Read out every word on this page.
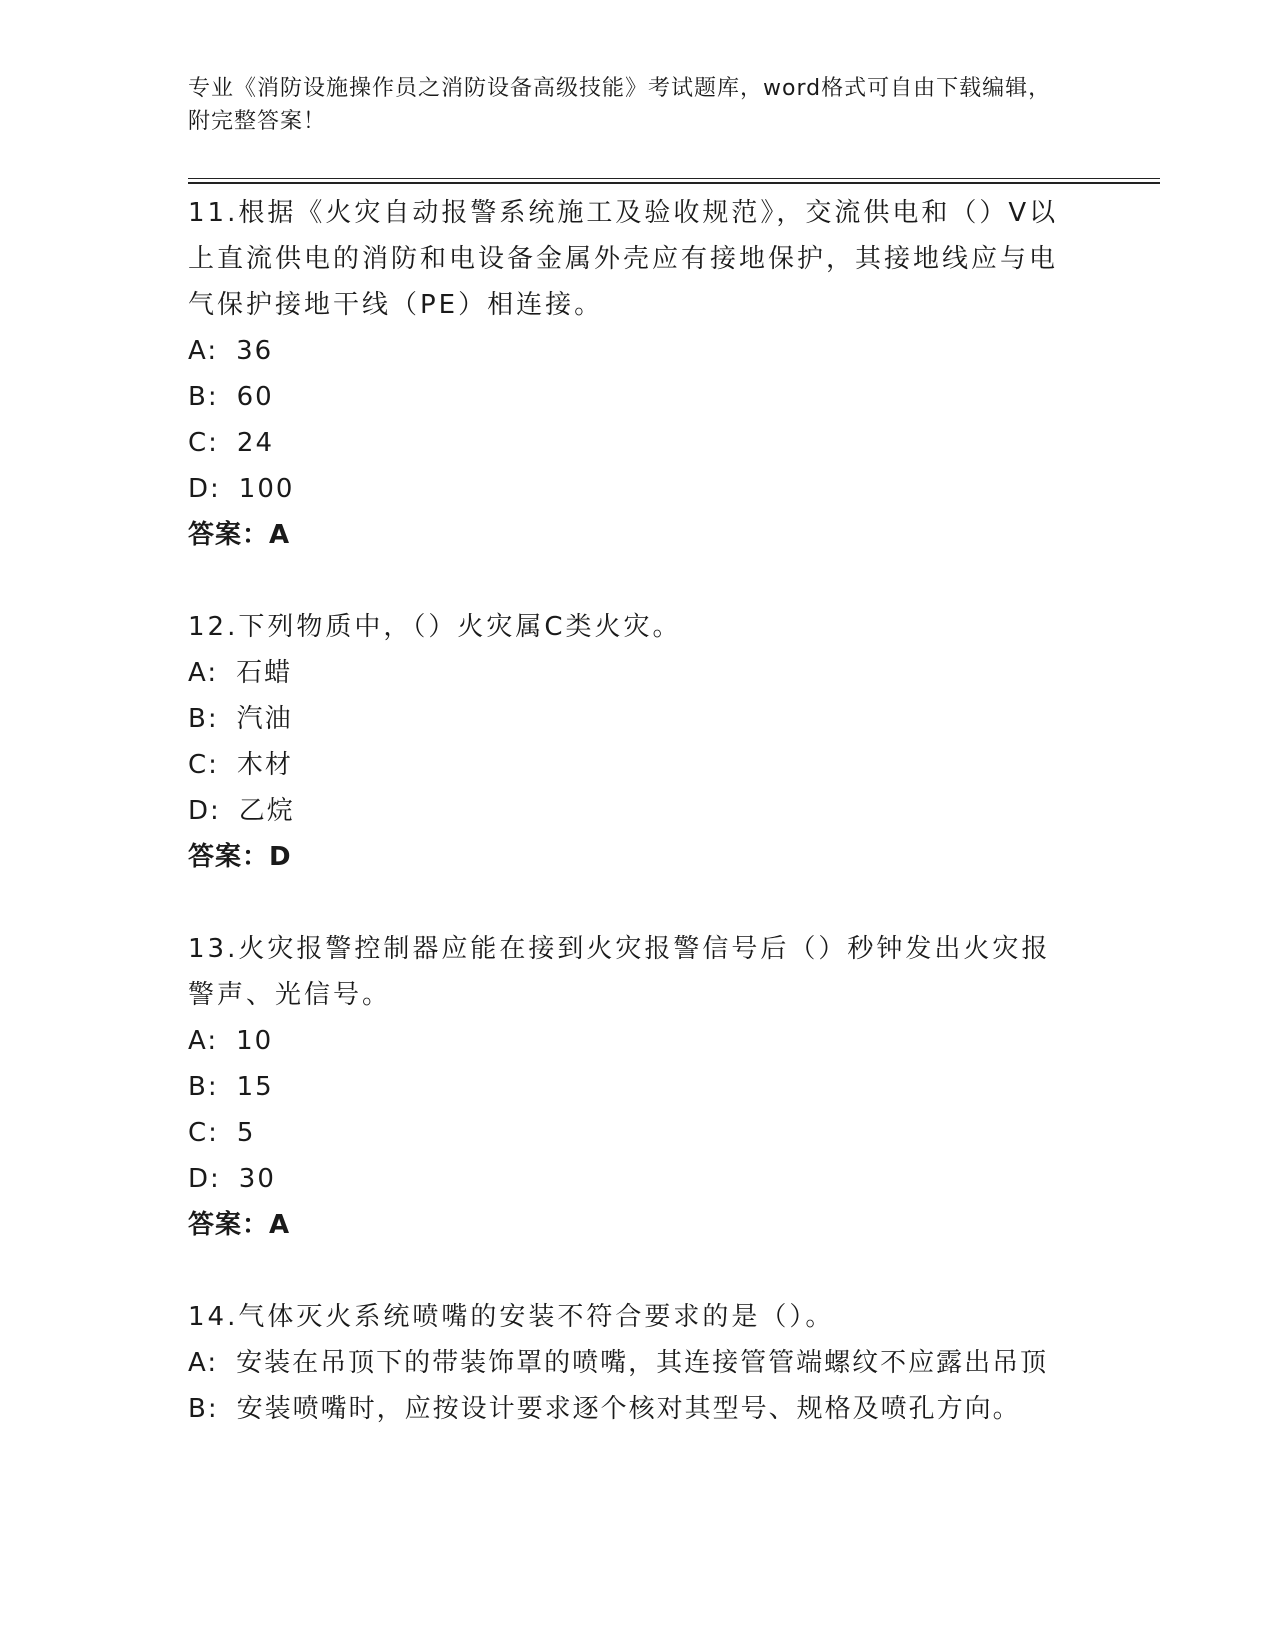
专业《消防设施操作员之消防设备高级技能》考试题库，word格式可自由下载编辑，附完整答案！

11.根据《火灾自动报警系统施工及验收规范》，交流供电和（）V以上直流供电的消防和电设备金属外壳应有接地保护，其接地线应与电气保护接地干线（PE）相连接。

A: 36

B: 60

C: 24

D: 100

答案：A

12.下列物质中，（）火灾属C类火灾。

A: 石蜡

B: 汽油

C: 木材

D: 乙烷

答案：D

13.火灾报警控制器应能在接到火灾报警信号后（）秒钟发出火灾报警声、光信号。

A: 10

B: 15

C: 5

D: 30

答案：A

14.气体灭火系统喷嘴的安装不符合要求的是（）。

A: 安装在吊顶下的带装饰罩的喷嘴，其连接管管端螺纹不应露出吊顶

B: 安装喷嘴时，应按设计要求逐个核对其型号、规格及喷孔方向。
